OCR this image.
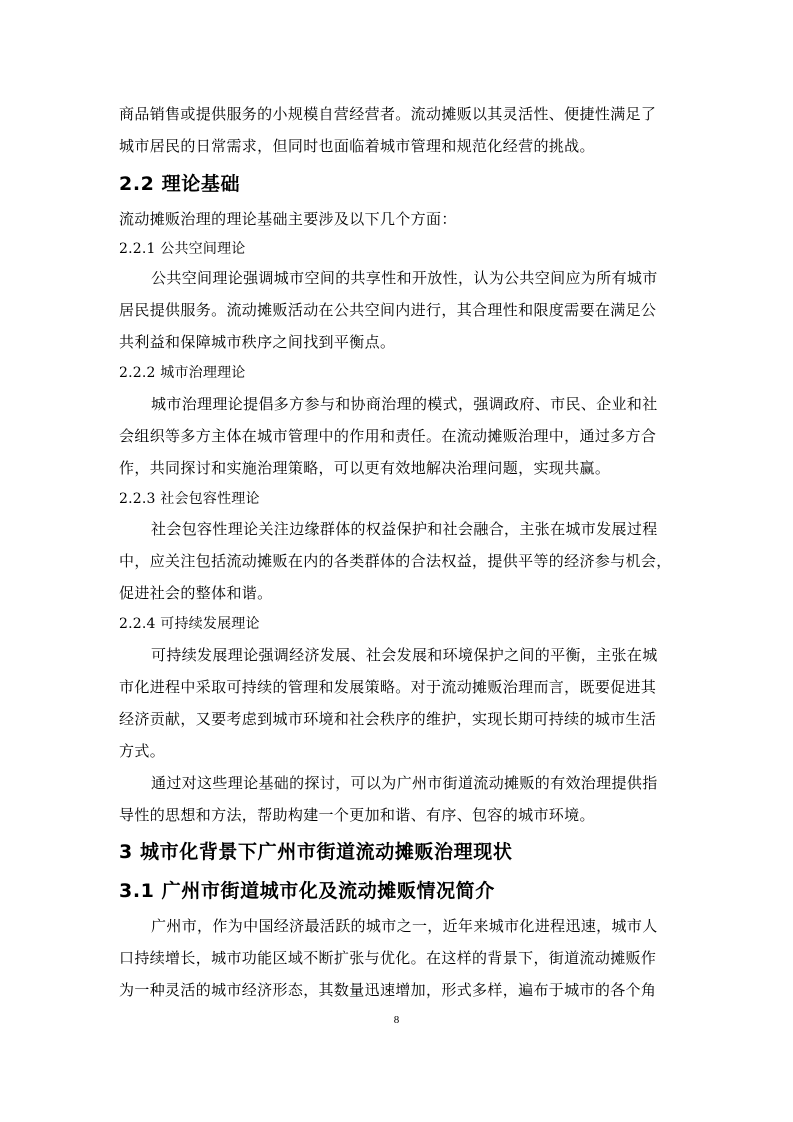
商品销售或提供服务的小规模自营经营者。流动摊贩以其灵活性、便捷性满足了
城市居民的日常需求，但同时也面临着城市管理和规范化经营的挑战。
2.2 理论基础
流动摊贩治理的理论基础主要涉及以下几个方面：
2.2.1 公共空间理论
公共空间理论强调城市空间的共享性和开放性，认为公共空间应为所有城市
居民提供服务。流动摊贩活动在公共空间内进行，其合理性和限度需要在满足公
共利益和保障城市秩序之间找到平衡点。
2.2.2 城市治理理论
城市治理理论提倡多方参与和协商治理的模式，强调政府、市民、企业和社
会组织等多方主体在城市管理中的作用和责任。在流动摊贩治理中，通过多方合
作，共同探讨和实施治理策略，可以更有效地解决治理问题，实现共赢。
2.2.3 社会包容性理论
社会包容性理论关注边缘群体的权益保护和社会融合，主张在城市发展过程
中，应关注包括流动摊贩在内的各类群体的合法权益，提供平等的经济参与机会，
促进社会的整体和谐。
2.2.4 可持续发展理论
可持续发展理论强调经济发展、社会发展和环境保护之间的平衡，主张在城
市化进程中采取可持续的管理和发展策略。对于流动摊贩治理而言，既要促进其
经济贡献，又要考虑到城市环境和社会秩序的维护，实现长期可持续的城市生活
方式。
通过对这些理论基础的探讨，可以为广州市街道流动摊贩的有效治理提供指
导性的思想和方法，帮助构建一个更加和谐、有序、包容的城市环境。
3 城市化背景下广州市街道流动摊贩治理现状
3.1 广州市街道城市化及流动摊贩情况简介
广州市，作为中国经济最活跃的城市之一，近年来城市化进程迅速，城市人
口持续增长，城市功能区域不断扩张与优化。在这样的背景下，街道流动摊贩作
为一种灵活的城市经济形态，其数量迅速增加，形式多样，遍布于城市的各个角
8
